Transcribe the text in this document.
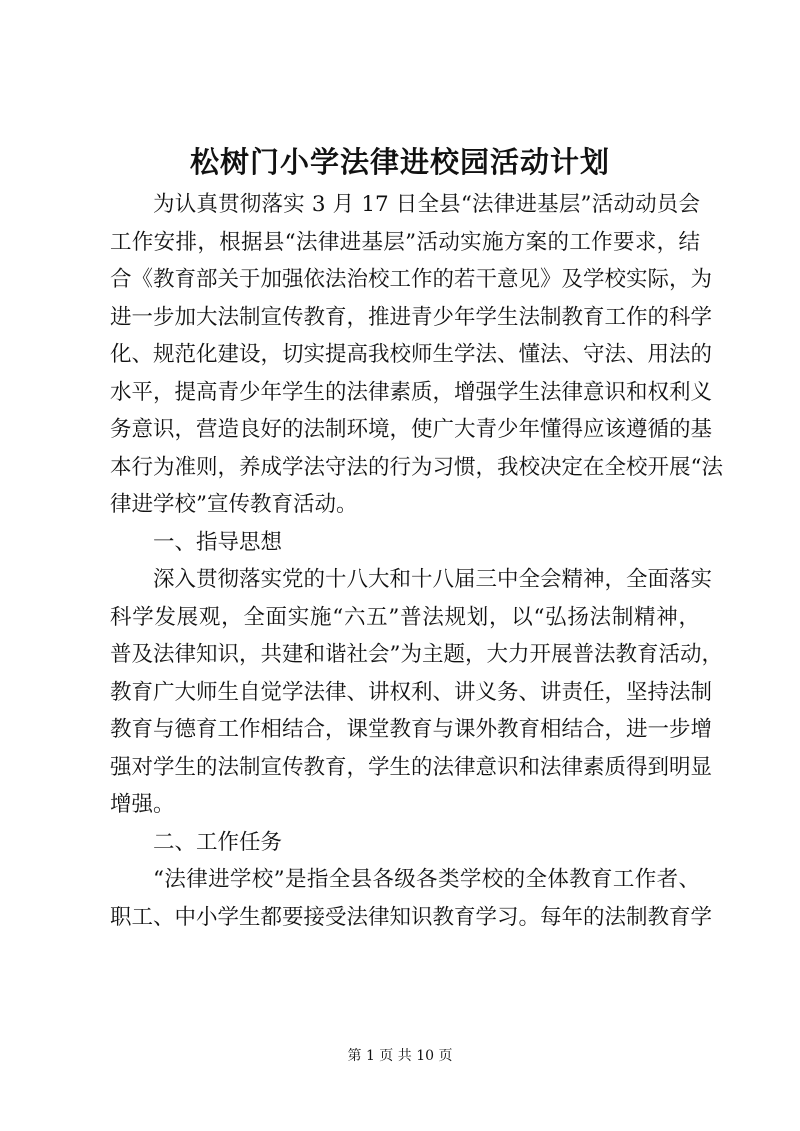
松树门小学法律进校园活动计划
为认真贯彻落实 3 月 17 日全县“法律进基层”活动动员会
工作安排，根据县“法律进基层”活动实施方案的工作要求，结
合《教育部关于加强依法治校工作的若干意见》及学校实际，为
进一步加大法制宣传教育，推进青少年学生法制教育工作的科学
化、规范化建设，切实提高我校师生学法、懂法、守法、用法的
水平，提高青少年学生的法律素质，增强学生法律意识和权利义
务意识，营造良好的法制环境，使广大青少年懂得应该遵循的基
本行为准则，养成学法守法的行为习惯，我校决定在全校开展“法
律进学校”宣传教育活动。
一、指导思想
深入贯彻落实党的十八大和十八届三中全会精神，全面落实
科学发展观，全面实施“六五”普法规划，以“弘扬法制精神，
普及法律知识，共建和谐社会”为主题，大力开展普法教育活动，
教育广大师生自觉学法律、讲权利、讲义务、讲责任，坚持法制
教育与德育工作相结合，课堂教育与课外教育相结合，进一步增
强对学生的法制宣传教育，学生的法律意识和法律素质得到明显
增强。
二、工作任务
“法律进学校”是指全县各级各类学校的全体教育工作者、
职工、中小学生都要接受法律知识教育学习。每年的法制教育学
第 1 页 共 10 页
